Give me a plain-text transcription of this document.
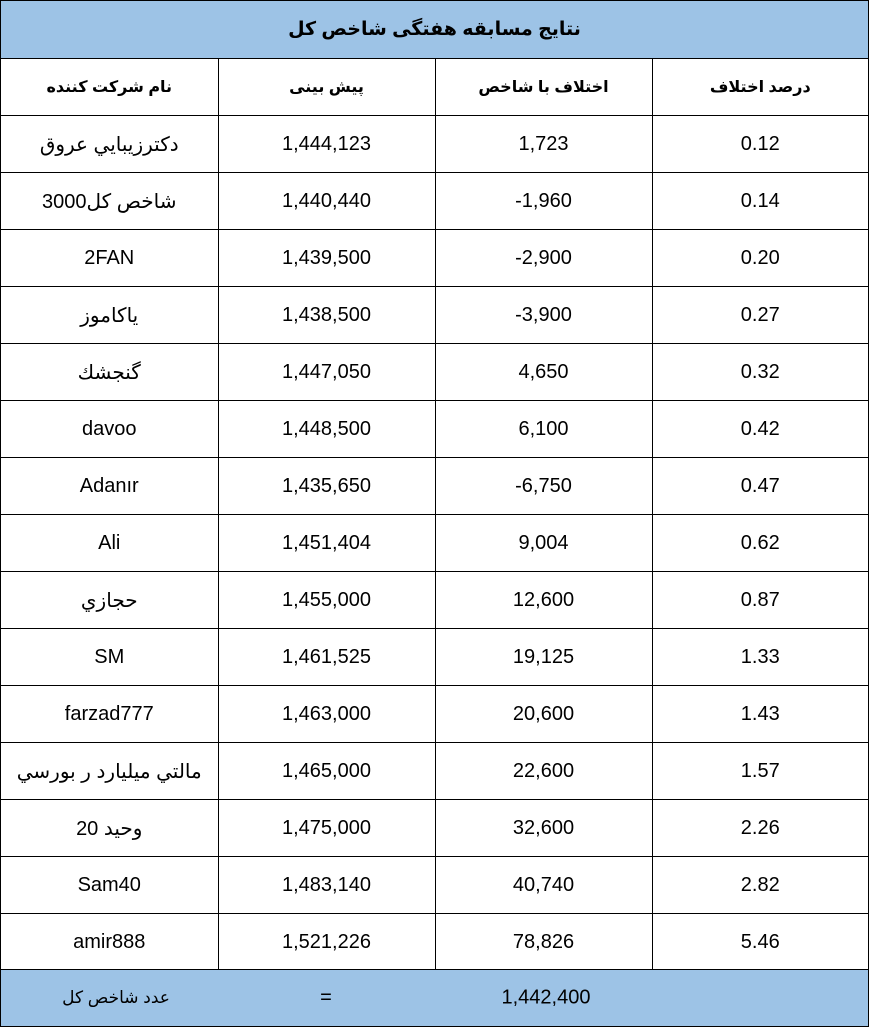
نتایج مسابقه هفتگی شاخص کل
نام شرکت کننده	پیش بینی	اختلاف با شاخص	درصد اختلاف
دکترزيبايي عروق	1,444,123	1,723	0.12
شاخص کل3000	1,440,440	-1,960	0.14
2FAN	1,439,500	-2,900	0.20
ياكاموز	1,438,500	-3,900	0.27
گنجشك	1,447,050	4,650	0.32
davoo	1,448,500	6,100	0.42
Adanır	1,435,650	-6,750	0.47
Ali	1,451,404	9,004	0.62
حجازي	1,455,000	12,600	0.87
SM	1,461,525	19,125	1.33
farzad777	1,463,000	20,600	1.43
مالتي ميليارد ر بورسي	1,465,000	22,600	1.57
وحيد 20	1,475,000	32,600	2.26
Sam40	1,483,140	40,740	2.82
amir888	1,521,226	78,826	5.46
عدد شاخص کل	=	1,442,400
